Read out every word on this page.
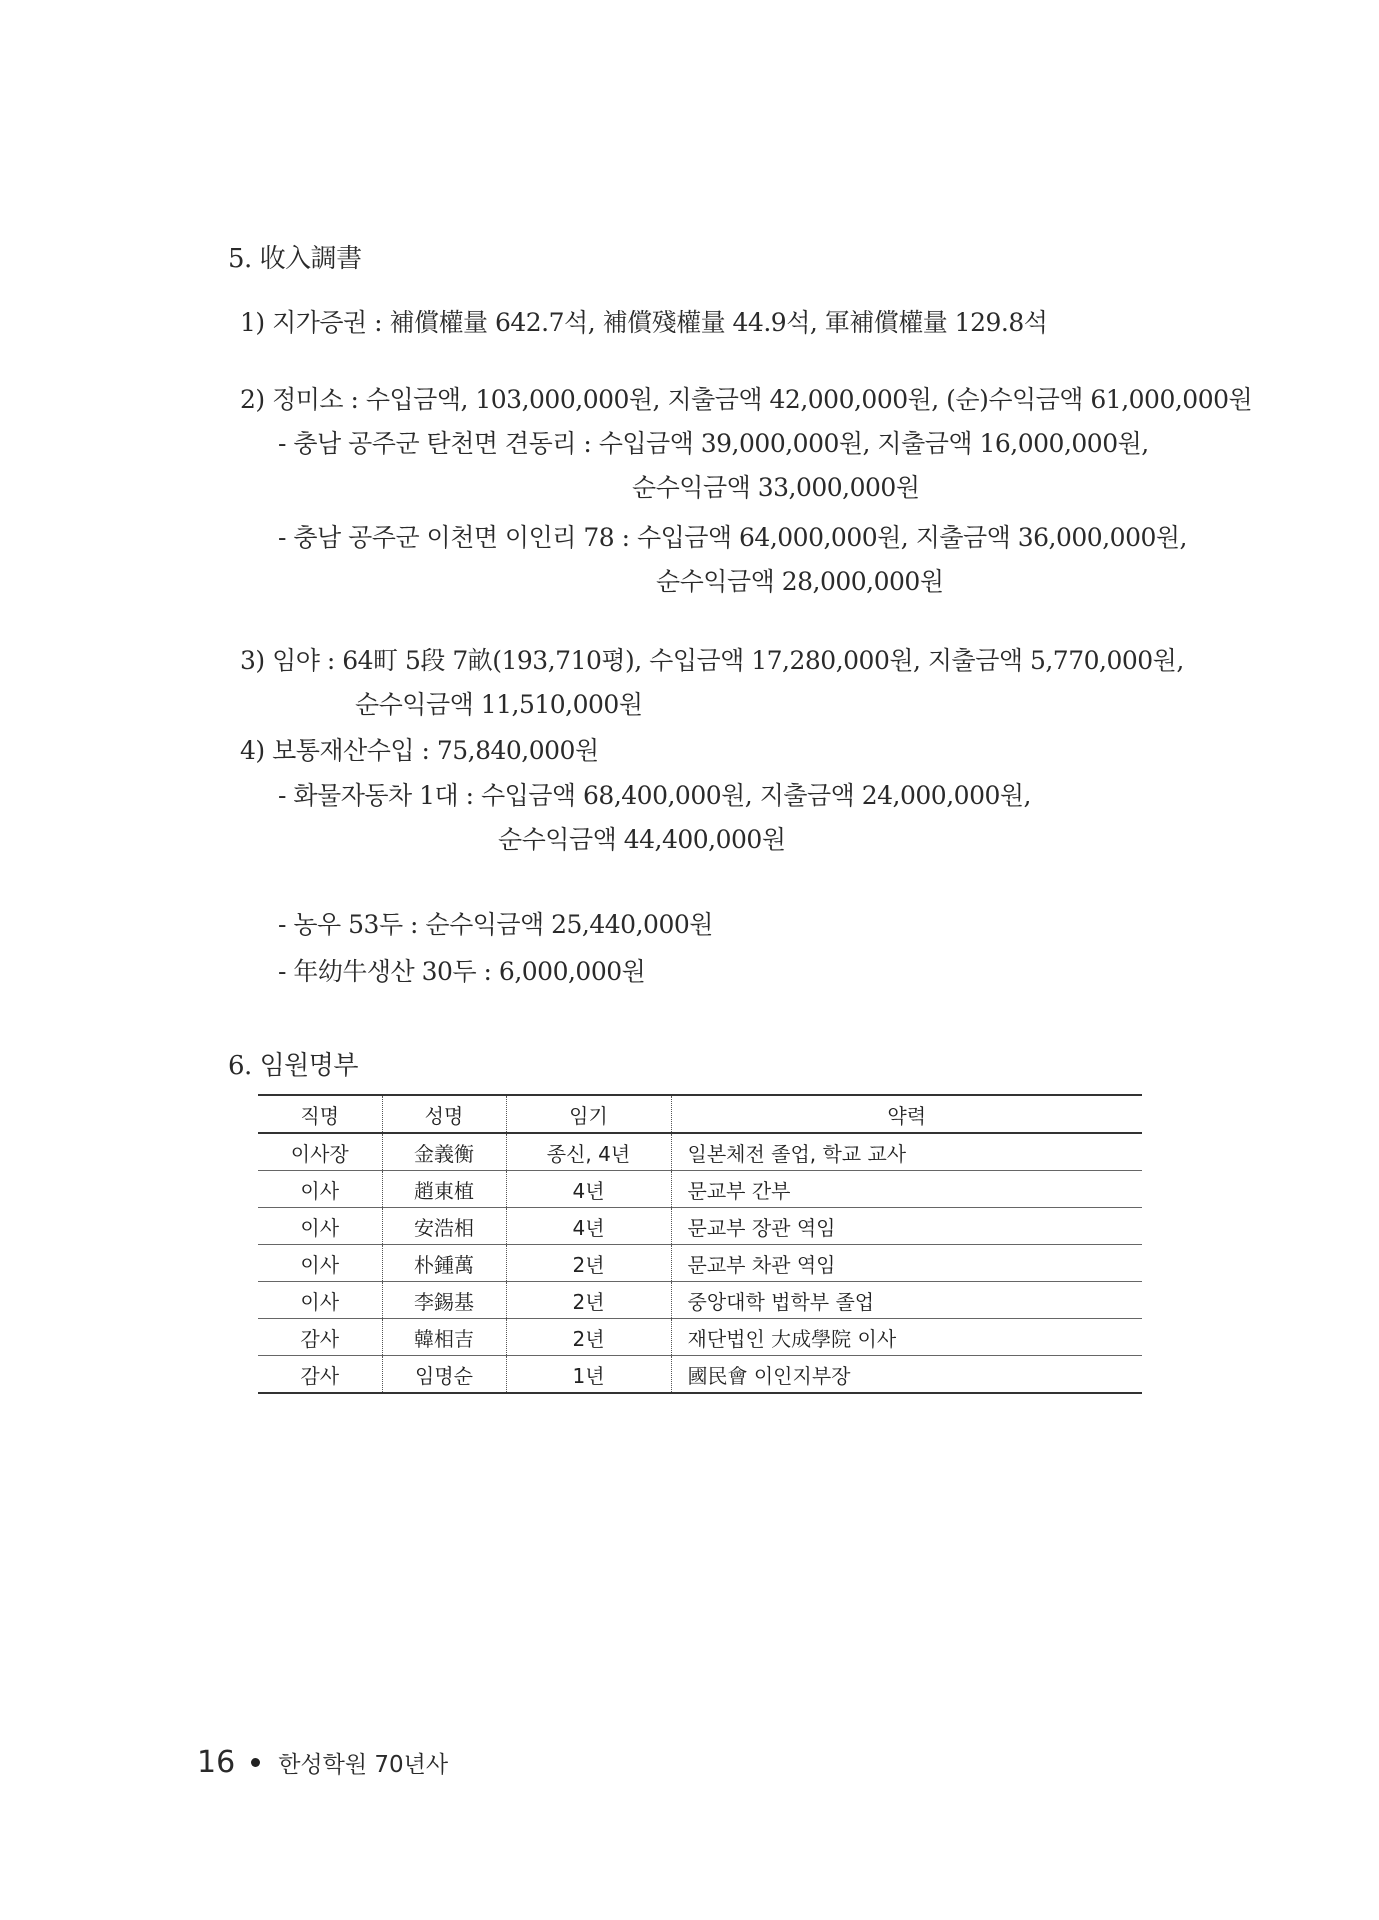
5. 收入調書
1) 지가증권 : 補償權量 642.7석, 補償殘權量 44.9석, 軍補償權量 129.8석
2) 정미소 : 수입금액, 103,000,000원, 지출금액 42,000,000원, (순)수익금액 61,000,000원
- 충남 공주군 탄천면 견동리 : 수입금액 39,000,000원, 지출금액 16,000,000원,
순수익금액 33,000,000원
- 충남 공주군 이천면 이인리 78 : 수입금액 64,000,000원, 지출금액 36,000,000원,
순수익금액 28,000,000원
3) 임야 : 64町 5段 7畝(193,710평), 수입금액 17,280,000원, 지출금액 5,770,000원,
순수익금액 11,510,000원
4) 보통재산수입 : 75,840,000원
- 화물자동차 1대 : 수입금액 68,400,000원, 지출금액 24,000,000원,
순수익금액 44,400,000원
- 농우 53두 : 순수익금액 25,440,000원
- 年幼牛생산 30두 : 6,000,000원
6. 임원명부
직명	성명	임기	약력
이사장	金義衡	종신, 4년	일본체전 졸업, 학교 교사
이사	趙東植	4년	문교부 간부
이사	安浩相	4년	문교부 장관 역임
이사	朴鍾萬	2년	문교부 차관 역임
이사	李錫基	2년	중앙대학 법학부 졸업
감사	韓相吉	2년	재단법인 大成學院 이사
감사	임명순	1년	國民會 이인지부장
16 한성학원 70년사
